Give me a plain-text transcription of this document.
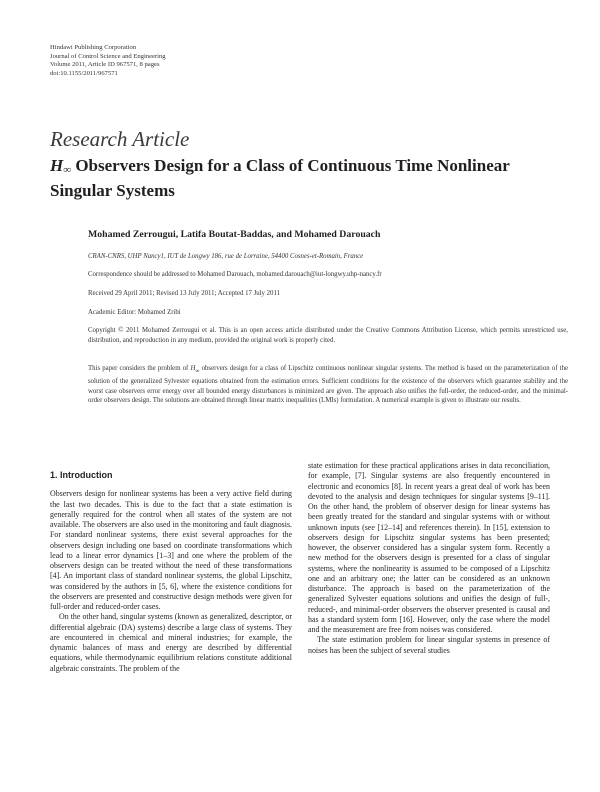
Hindawi Publishing Corporation
Journal of Control Science and Engineering
Volume 2011, Article ID 967571, 8 pages
doi:10.1155/2011/967571
Research Article
$H_\infty$ Observers Design for a Class of Continuous Time Nonlinear Singular Systems
Mohamed Zerrougui, Latifa Boutat-Baddas, and Mohamed Darouach
CRAN-CNRS, UHP Nancy1, IUT de Longwy 186, rue de Lorraine, 54400 Cosnes-et-Romain, France
Correspondence should be addressed to Mohamed Darouach, mohamed.darouach@iut-longwy.uhp-nancy.fr
Received 29 April 2011; Revised 13 July 2011; Accepted 17 July 2011
Academic Editor: Mohamed Zribi
Copyright © 2011 Mohamed Zerrougui et al. This is an open access article distributed under the Creative Commons Attribution License, which permits unrestricted use, distribution, and reproduction in any medium, provided the original work is properly cited.
This paper considers the problem of $H_\infty$ observers design for a class of Lipschitz continuous nonlinear singular systems. The method is based on the parameterization of the solution of the generalized Sylvester equations obtained from the estimation errors. Sufficient conditions for the existence of the observers which guarantee stability and the worst case observers error energy over all bounded energy disturbances is minimized are given. The approach also unifies the full-order, the reduced-order, and the minimal-order observers design. The solutions are obtained through linear matrix inequalities (LMIs) formulation. A numerical example is given to illustrate our results.
1. Introduction

Observers design for nonlinear systems has been a very active field during the last two decades. This is due to the fact that a state estimation is generally required for the control when all states of the system are not available. The observers are also used in the monitoring and fault diagnosis. For standard nonlinear systems, there exist several approaches for the observers design including one based on coordinate transformations which lead to a linear error dynamics [1–3] and one where the problem of the observers design can be treated without the need of these transformations [4]. An important class of standard nonlinear systems, the global Lipschitz, was considered by the authors in [5, 6], where the existence conditions for the observers are presented and constructive design methods were given for full-order and reduced-order cases.

On the other hand, singular systems (known as generalized, descriptor, or differential algebraic (DA) systems) describe a large class of systems. They are encountered in chemical and mineral industries; for example, the dynamic balances of mass and energy are described by differential equations, while thermodynamic equilibrium relations constitute additional algebraic constraints. The problem of the

state estimation for these practical applications arises in data reconciliation, for example, [7]. Singular systems are also frequently encountered in electronic and economics [8]. In recent years a great deal of work has been devoted to the analysis and design techniques for singular systems [9–11]. On the other hand, the problem of observer design for linear systems has been greatly treated for the standard and singular systems with or without unknown inputs (see [12–14] and references therein). In [15], extension to observers design for Lipschitz singular systems has been presented; however, the observer considered has a singular system form. Recently a new method for the observers design is presented for a class of singular systems, where the nonlinearity is assumed to be composed of a Lipschitz one and an arbitrary one; the latter can be considered as an unknown disturbance. The approach is based on the parameterization of the generalized Sylvester equations solutions and unifies the design of full-, reduced-, and minimal-order observers the observer presented is causal and has a standard system form [16]. However, only the case where the model and the measurement are free from noises was considered.

The state estimation problem for linear singular systems in presence of noises has been the subject of several studies
